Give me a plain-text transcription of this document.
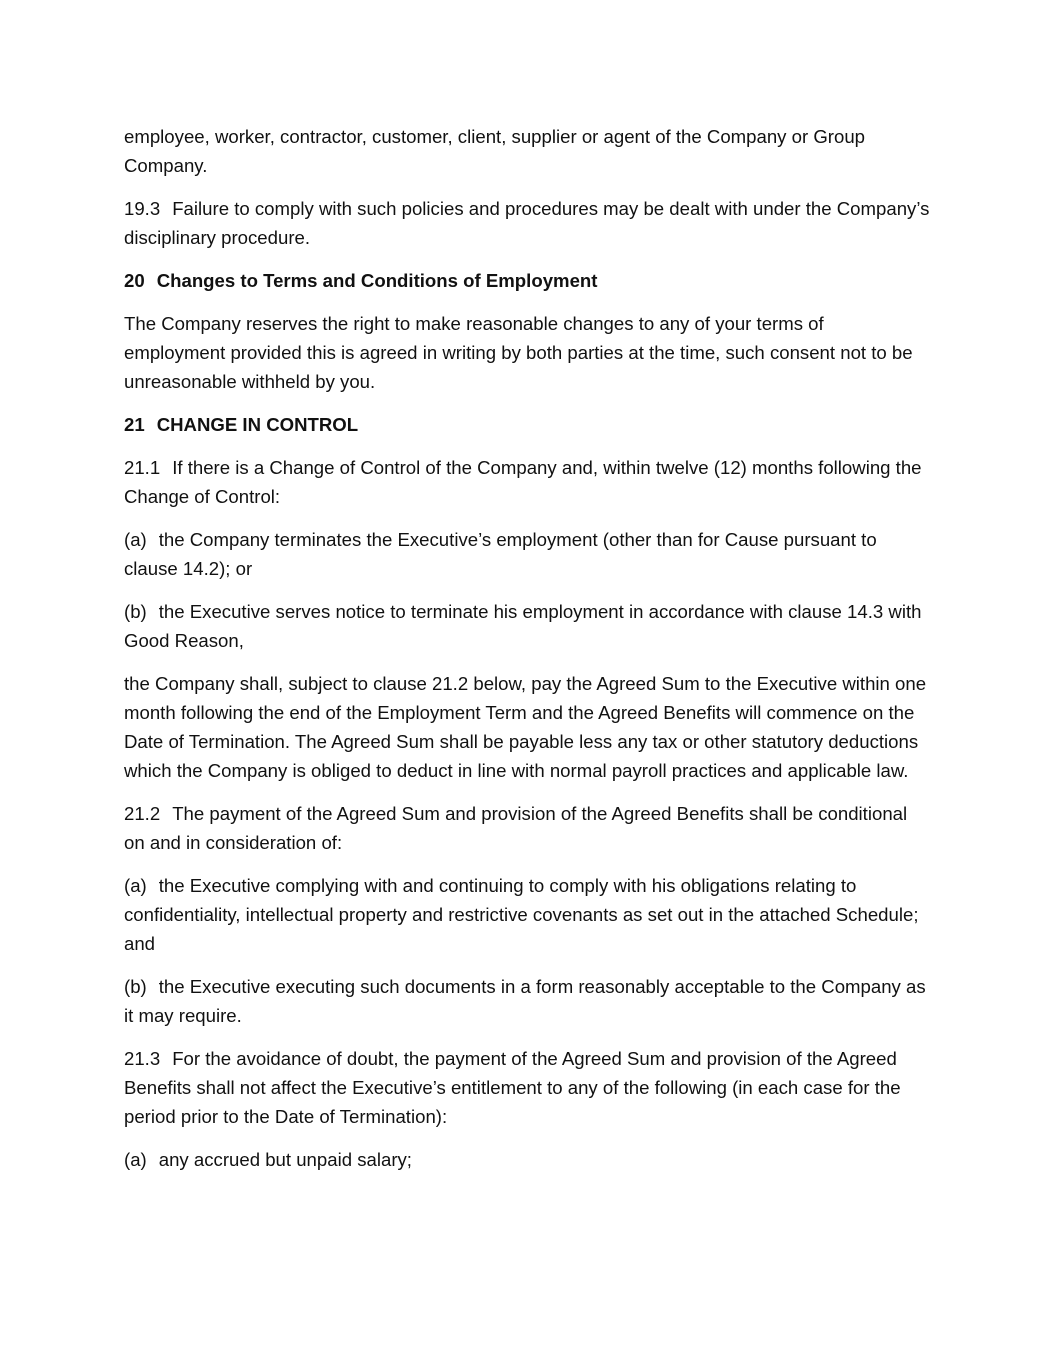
employee, worker, contractor, customer, client, supplier or agent of the Company or Group Company.

19.3 Failure to comply with such policies and procedures may be dealt with under the Company’s disciplinary procedure.

20 Changes to Terms and Conditions of Employment

The Company reserves the right to make reasonable changes to any of your terms of employment provided this is agreed in writing by both parties at the time, such consent not to be unreasonable withheld by you.

21 CHANGE IN CONTROL

21.1 If there is a Change of Control of the Company and, within twelve (12) months following the Change of Control:

(a) the Company terminates the Executive’s employment (other than for Cause pursuant to clause 14.2); or

(b) the Executive serves notice to terminate his employment in accordance with clause 14.3 with Good Reason,

the Company shall, subject to clause 21.2 below, pay the Agreed Sum to the Executive within one month following the end of the Employment Term and the Agreed Benefits will commence on the Date of Termination. The Agreed Sum shall be payable less any tax or other statutory deductions which the Company is obliged to deduct in line with normal payroll practices and applicable law.

21.2 The payment of the Agreed Sum and provision of the Agreed Benefits shall be conditional on and in consideration of:

(a) the Executive complying with and continuing to comply with his obligations relating to confidentiality, intellectual property and restrictive covenants as set out in the attached Schedule; and

(b) the Executive executing such documents in a form reasonably acceptable to the Company as it may require.

21.3 For the avoidance of doubt, the payment of the Agreed Sum and provision of the Agreed Benefits shall not affect the Executive’s entitlement to any of the following (in each case for the period prior to the Date of Termination):

(a) any accrued but unpaid salary;
